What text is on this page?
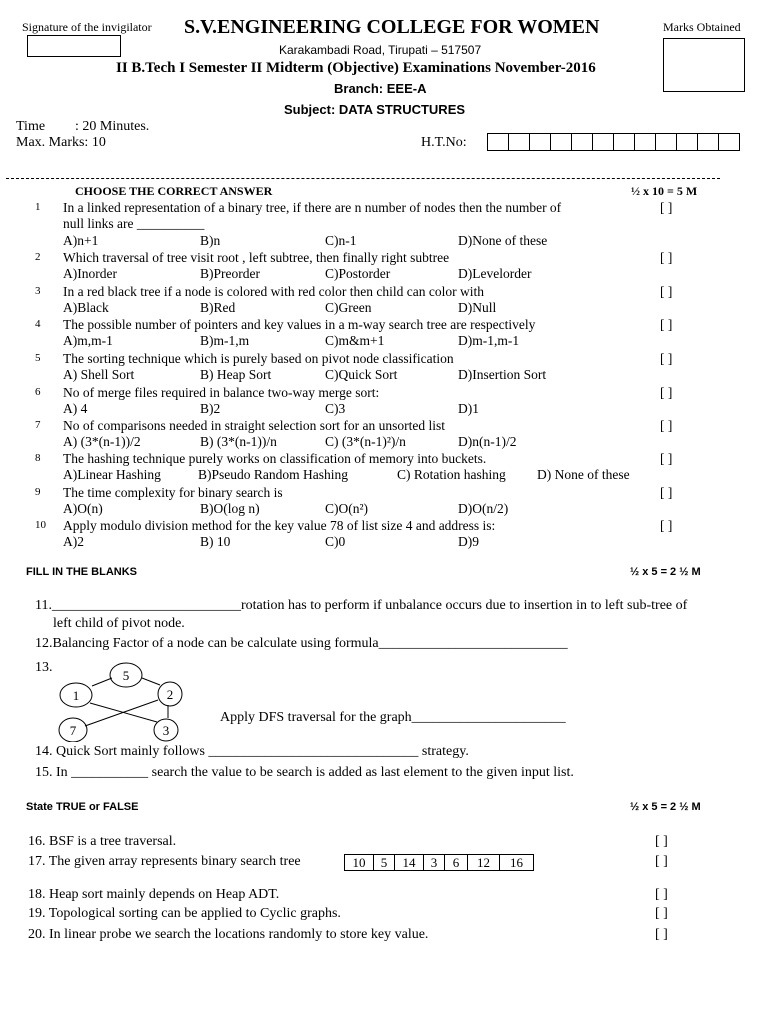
Signature of the invigilator S.V.ENGINEERING COLLEGE FOR WOMEN	Marks Obtained
Karakambadi Road, Tirupati – 517507
II B.Tech I Semester II Midterm (Objective) Examinations November-2016
Branch: EEE-A
Subject: DATA STRUCTURES
Time : 20 Minutes.
Max. Marks: 10	H.T.No:
CHOOSE THE CORRECT ANSWER	½ x 10 = 5 M
1 In a linked representation of a binary tree, if there are n number of nodes then the number of
null links are __________
A)n+1	B)n	C)n-1	D)None of these
[ ]
2 Which traversal of tree visit root , left subtree, then finally right subtree
A)Inorder	B)Preorder	C)Postorder	D)Levelorder
[ ]
3 In a red black tree if a node is colored with red color then child can color with
A)Black	B)Red	C)Green	D)Null
[ ]
4 The possible number of pointers and key values in a m-way search tree are respectively
A)m,m-1	B)m-1,m	C)m&m+1	D)m-1,m-1
[ ]
5 The sorting technique which is purely based on pivot node classification
A) Shell Sort	B) Heap Sort	C)Quick Sort	D)Insertion Sort
[ ]
6 No of merge files required in balance two-way merge sort:
A) 4	B)2	C)3	D)1
[ ]
7 No of comparisons needed in straight selection sort for an unsorted list
A) (3*(n-1))/2	B) (3*(n-1))/n	C) (3*(n-1)²)/n	D)n(n-1)/2
[ ]
8 The hashing technique purely works on classification of memory into buckets.
A)Linear Hashing	B)Pseudo Random Hashing	C) Rotation hashing D) None of these
[ ]
9 The time complexity for binary search is
A)O(n)	B)O(log n)	C)O(n²)	D)O(n/2)
[ ]
10 Apply modulo division method for the key value 78 of list size 4 and address is:
A)2	B) 10	C)0	D)9
[ ]
FILL IN THE BLANKS	½ x 5 = 2 ½ M
11.___________________________rotation has to perform if unbalance occurs due to insertion in to left sub-tree of
left child of pivot node.
12.Balancing Factor of a node can be calculate using formula___________________________
13.
5
1	2
7	3
Apply DFS traversal for the graph______________________
14. Quick Sort mainly follows ______________________________ strategy.
15. In ___________ search the value to be search is added as last element to the given input list.
State TRUE or FALSE	½ x 5 = 2 ½ M
16. BSF is a tree traversal.	[ ]
17. The given array represents binary search tree	10	5	14	3	6	12	16	[ ]
18. Heap sort mainly depends on Heap ADT.	[ ]
19. Topological sorting can be applied to Cyclic graphs.	[ ]
20. In linear probe we search the locations randomly to store key value.	[ ]
